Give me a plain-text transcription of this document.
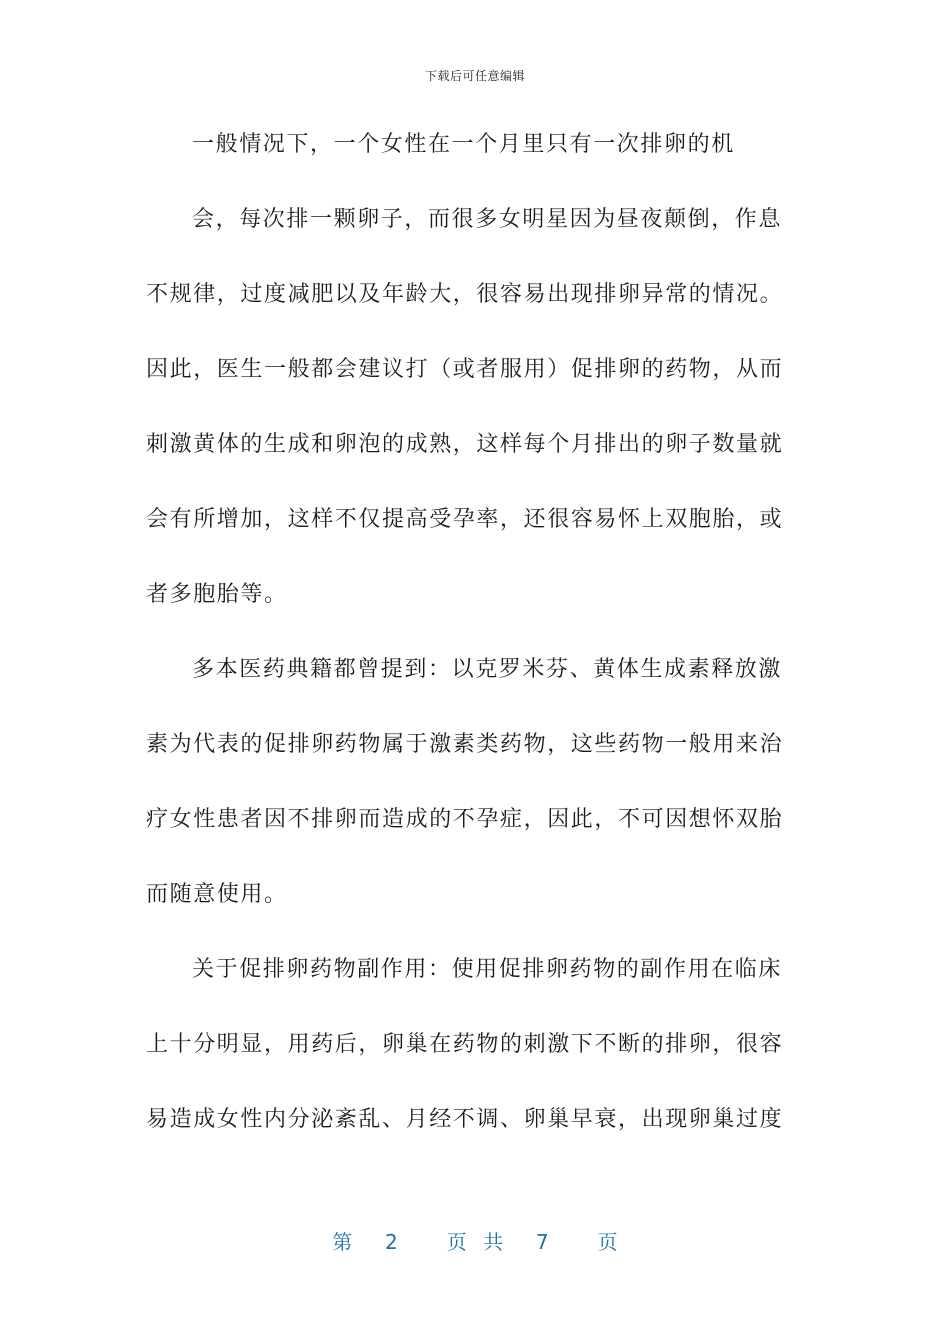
下载后可任意编辑
一般情况下，一个女性在一个月里只有一次排卵的机
会，每次排一颗卵子，而很多女明星因为昼夜颠倒，作息
不规律，过度减肥以及年龄大，很容易出现排卵异常的情况。
因此，医生一般都会建议打（或者服用）促排卵的药物，从而
刺激黄体的生成和卵泡的成熟，这样每个月排出的卵子数量就
会有所增加，这样不仅提高受孕率，还很容易怀上双胞胎，或
者多胞胎等。
多本医药典籍都曾提到：以克罗米芬、黄体生成素释放激
素为代表的促排卵药物属于激素类药物，这些药物一般用来治
疗女性患者因不排卵而造成的不孕症，因此，不可因想怀双胎
而随意使用。
关于促排卵药物副作用：使用促排卵药物的副作用在临床
上十分明显，用药后，卵巢在药物的刺激下不断的排卵，很容
易造成女性内分泌紊乱、月经不调、卵巢早衰，出现卵巢过度
第  2   页 共  7   页
